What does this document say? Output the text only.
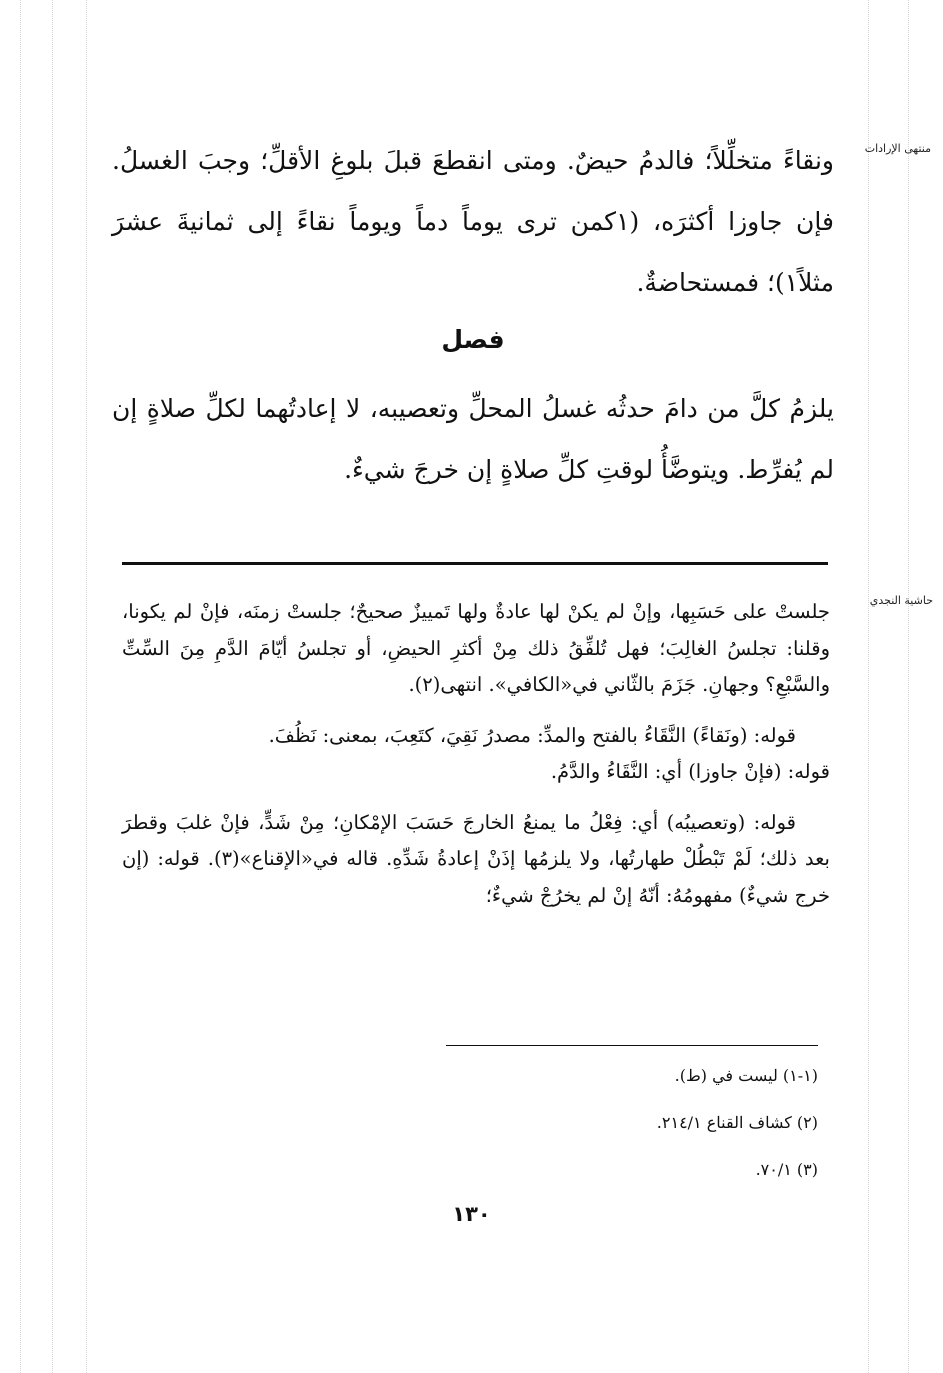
منتهى الإرادات
حاشية النجدي
ونقاءً متخلِّلاً؛ فالدمُ حيضٌ. ومتى انقطعَ قبلَ بلوغِ الأقلِّ؛ وجبَ الغسلُ. فإن جاوزا أكثرَه، (١كمن ترى يوماً دماً ويوماً نقاءً إلى ثمانيةَ عشرَ مثلاً١)؛ فمستحاضةٌ.
فصل
يلزمُ كلَّ من دامَ حدثُه غسلُ المحلِّ وتعصيبه، لا إعادتُهما لكلِّ صلاةٍ إن لم يُفرِّط. ويتوضَّأُ لوقتِ كلِّ صلاةٍ إن خرجَ شيءٌ.

جلستْ على حَسَبِها، وإنْ لم يكنْ لها عادةٌ ولها تَمييزٌ صحيحٌ؛ جلستْ زمنَه، فإنْ لم يكونا، وقلنا: تجلسُ الغالِبَ؛ فهل تُلفِّقُ ذلك مِنْ أكثرِ الحيضِ، أو تجلسُ أيّامَ الدَّمِ مِنَ السِّتِّ والسَّبْعِ؟ وجهانِ. جَزَمَ بالثّاني في«الكافي». انتهى(٢).

قوله: (ونَقاءً) النَّقَاءُ بالفتح والمدِّ: مصدرُ نَقِيَ، كتَعِبَ، بمعنى: نَظُفَ.

قوله: (فإنْ جاوزا) أي: النَّقَاءُ والدَّمُ.

قوله: (وتعصيبُه) أي: فِعْلُ ما يمنعُ الخارجَ حَسَبَ الإمْكانِ؛ مِنْ شَدٍّ، فإنْ غلبَ وقطرَ بعد ذلك؛ لَمْ تَبْطُلْ طهارتُها، ولا يلزمُها إذَنْ إعادةُ شَدِّهِ. قاله في«الإقناع»(٣). قوله: (إن خرج شيءٌ) مفهومُهُ: أنّهُ إنْ لم يخرُجْ شيءٌ؛

(١-١) ليست في (ط).
(٢) كشاف القناع ٢١٤/١.
(٣) ٧٠/١.
١٣٠
